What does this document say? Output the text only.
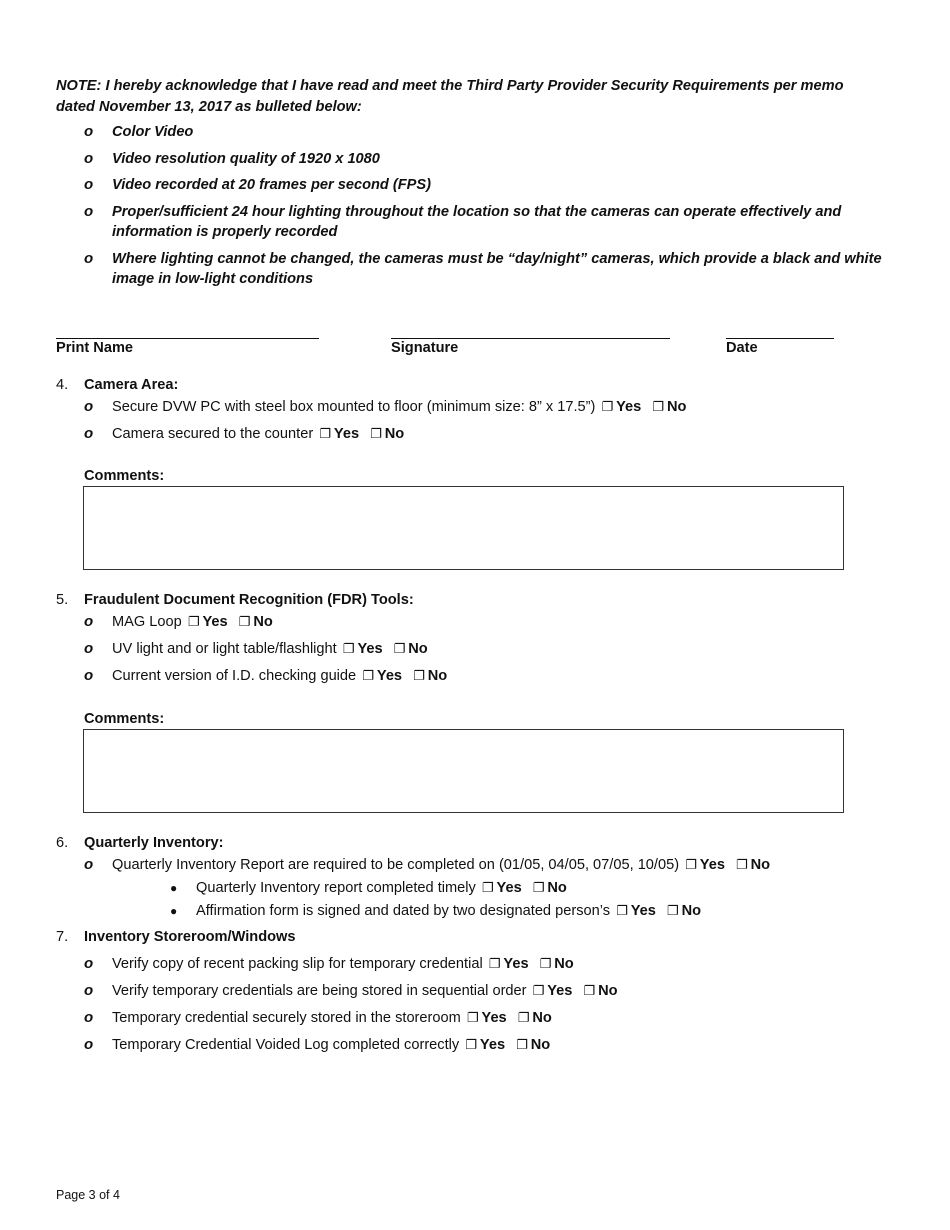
NOTE: I hereby acknowledge that I have read and meet the Third Party Provider Security Requirements per memo dated November 13, 2017 as bulleted below:

o Color Video
o Video resolution quality of 1920 x 1080
o Video recorded at 20 frames per second (FPS)
o Proper/sufficient 24 hour lighting throughout the location so that the cameras can operate effectively and information is properly recorded
o Where lighting cannot be changed, the cameras must be “day/night” cameras, which provide a black and white image in low-light conditions
Print Name	Signature	Date
4. Camera Area:
o Secure DVW PC with steel box mounted to floor (minimum size: 8” x 17.5”) ❐ Yes ❐ No
o Camera secured to the counter ❐ Yes ❐ No
Comments:
5. Fraudulent Document Recognition (FDR) Tools:
o MAG Loop ❐ Yes ❐ No
o UV light and or light table/flashlight ❐ Yes ❐ No
o Current version of I.D. checking guide ❐ Yes ❐ No
Comments:
6. Quarterly Inventory:
o Quarterly Inventory Report are required to be completed on (01/05, 04/05, 07/05, 10/05) ❐ Yes ❐ No
● Quarterly Inventory report completed timely ❐ Yes ❐ No
● Affirmation form is signed and dated by two designated person’s ❐ Yes ❐ No
7. Inventory Storeroom/Windows
o Verify copy of recent packing slip for temporary credential ❐ Yes ❐ No
o Verify temporary credentials are being stored in sequential order ❐ Yes ❐ No
o Temporary credential securely stored in the storeroom ❐ Yes ❐ No
o Temporary Credential Voided Log completed correctly ❐ Yes ❐ No
Page 3 of 4
